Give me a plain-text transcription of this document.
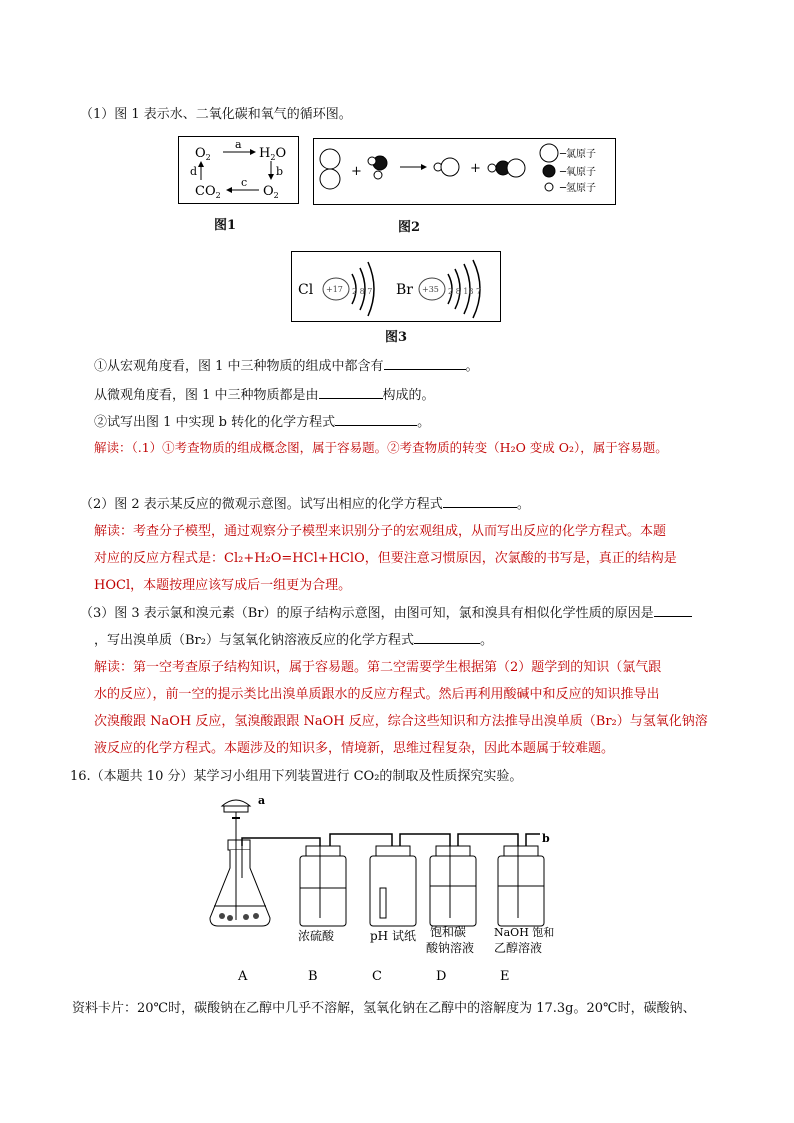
（1）图 1 表示水、二氧化碳和氧气的循环图。
$O_2$
a
$H_2O$
b
$O_2$
c
$CO_2$
d
图1
+	+
─氯原子
─氧原子
─氢原子
图2
Cl +17 2 8 7 Br +35 2 8 18 7
图3
①从宏观角度看，图 1 中三种物质的组成中都含有	。
从微观角度看，图 1 中三种物质都是由	构成的。
②试写出图 1 中实现 b 转化的化学方程式	。
解读：（.1）①考查物质的组成概念图，属于容易题。②考查物质的转变（H₂O 变成 O₂），属于容易题。
（2）图 2 表示某反应的微观示意图。试写出相应的化学方程式	。
解读：考查分子模型，通过观察分子模型来识别分子的宏观组成，从而写出反应的化学方程式。本题
对应的反应方程式是：Cl₂+H₂O=HCl+HClO，但要注意习惯原因，次氯酸的书写是，真正的结构是
HOCl，本题按理应该写成后一组更为合理。
（3）图 3 表示氯和溴元素（Br）的原子结构示意图，由图可知，氯和溴具有相似化学性质的原因是
，写出溴单质（Br₂）与氢氧化钠溶液反应的化学方程式	。
解读：第一空考查原子结构知识，属于容易题。第二空需要学生根据第（2）题学到的知识（氯气跟
水的反应），前一空的提示类比出溴单质跟水的反应方程式。然后再利用酸碱中和反应的知识推导出
次溴酸跟 NaOH 反应，氢溴酸跟跟 NaOH 反应，综合这些知识和方法推导出溴单质（Br₂）与氢氧化钠溶
液反应的化学方程式。本题涉及的知识多，情境新，思维过程复杂，因此本题属于较难题。
16.（本题共 10 分）某学习小组用下列装置进行 CO₂的制取及性质探究实验。
a
b
浓硫酸	pH 试纸 饱和碳
酸钠溶液
NaOH 饱和
乙醇溶液
A	B	C	D	E
资料卡片：20℃时，碳酸钠在乙醇中几乎不溶解，氢氧化钠在乙醇中的溶解度为 17.3g。20℃时，碳酸钠、
